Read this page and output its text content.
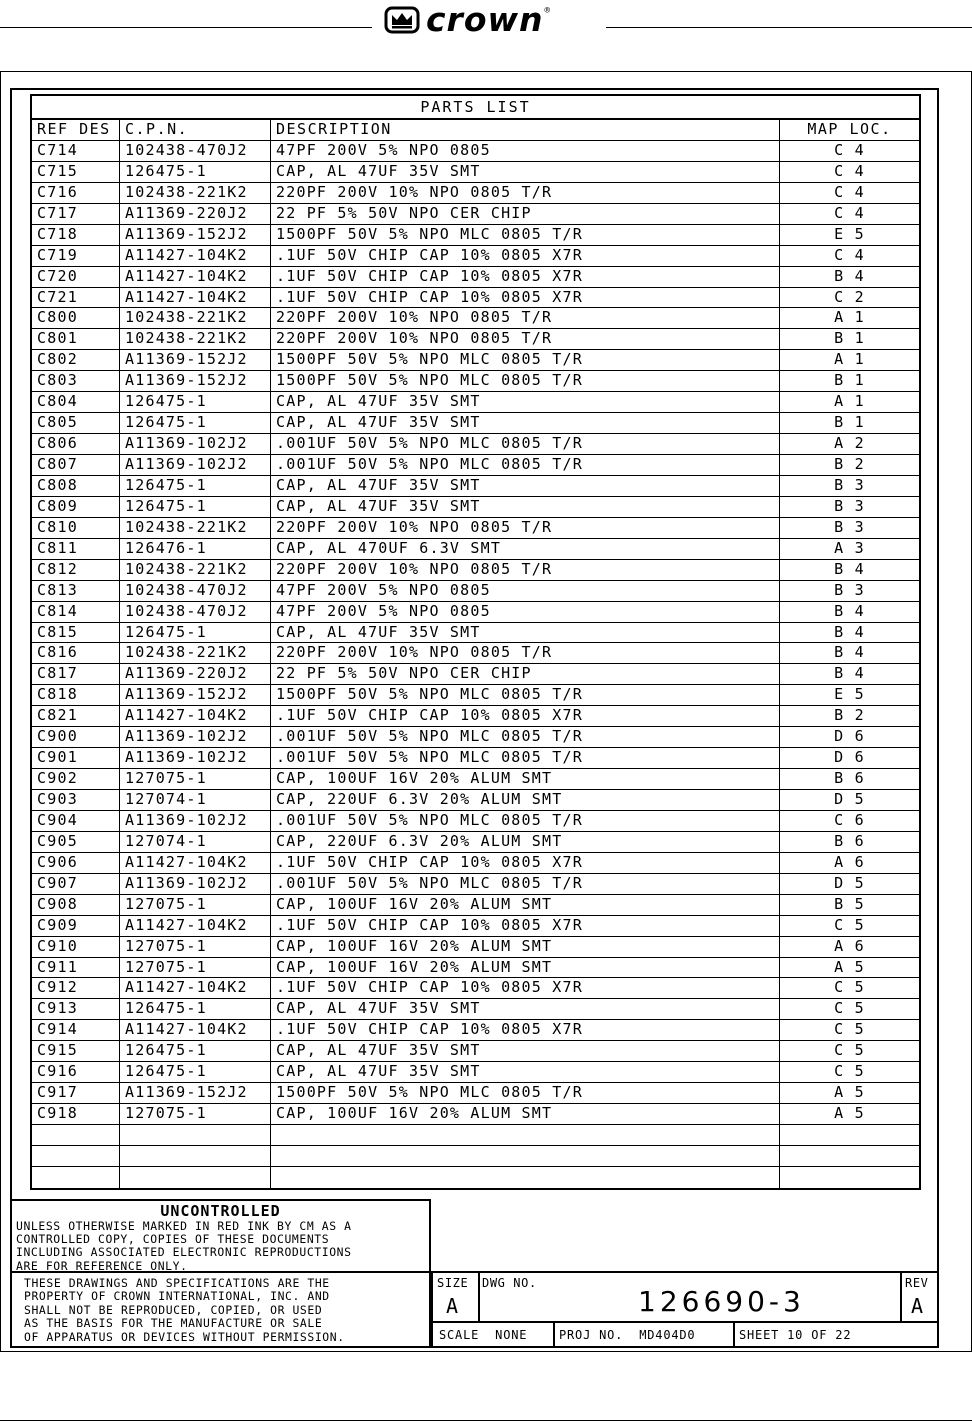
crown ®
PARTS LIST
REF DES C.P.N.	DESCRIPTION	MAP LOC.
C714	102438-470J2	47PF 200V 5% NPO 0805	C 4
C715	126475-1	CAP, AL 47UF 35V SMT	C 4
C716	102438-221K2	220PF 200V 10% NPO 0805 T/R	C 4
C717	A11369-220J2	22 PF 5% 50V NPO CER CHIP	C 4
C718	A11369-152J2	1500PF 50V 5% NPO MLC 0805 T/R	E 5
C719	A11427-104K2	.1UF 50V CHIP CAP 10% 0805 X7R	C 4
C720	A11427-104K2	.1UF 50V CHIP CAP 10% 0805 X7R	B 4
C721	A11427-104K2	.1UF 50V CHIP CAP 10% 0805 X7R	C 2
C800	102438-221K2	220PF 200V 10% NPO 0805 T/R	A 1
C801	102438-221K2	220PF 200V 10% NPO 0805 T/R	B 1
C802	A11369-152J2	1500PF 50V 5% NPO MLC 0805 T/R	A 1
C803	A11369-152J2	1500PF 50V 5% NPO MLC 0805 T/R	B 1
C804	126475-1	CAP, AL 47UF 35V SMT	A 1
C805	126475-1	CAP, AL 47UF 35V SMT	B 1
C806	A11369-102J2	.001UF 50V 5% NPO MLC 0805 T/R	A 2
C807	A11369-102J2	.001UF 50V 5% NPO MLC 0805 T/R	B 2
C808	126475-1	CAP, AL 47UF 35V SMT	B 3
C809	126475-1	CAP, AL 47UF 35V SMT	B 3
C810	102438-221K2	220PF 200V 10% NPO 0805 T/R	B 3
C811	126476-1	CAP, AL 470UF 6.3V SMT	A 3
C812	102438-221K2	220PF 200V 10% NPO 0805 T/R	B 4
C813	102438-470J2	47PF 200V 5% NPO 0805	B 3
C814	102438-470J2	47PF 200V 5% NPO 0805	B 4
C815	126475-1	CAP, AL 47UF 35V SMT	B 4
C816	102438-221K2	220PF 200V 10% NPO 0805 T/R	B 4
C817	A11369-220J2	22 PF 5% 50V NPO CER CHIP	B 4
C818	A11369-152J2	1500PF 50V 5% NPO MLC 0805 T/R	E 5
C821	A11427-104K2	.1UF 50V CHIP CAP 10% 0805 X7R	B 2
C900	A11369-102J2	.001UF 50V 5% NPO MLC 0805 T/R	D 6
C901	A11369-102J2	.001UF 50V 5% NPO MLC 0805 T/R	D 6
C902	127075-1	CAP, 100UF 16V 20% ALUM SMT	B 6
C903	127074-1	CAP, 220UF 6.3V 20% ALUM SMT	D 5
C904	A11369-102J2	.001UF 50V 5% NPO MLC 0805 T/R	C 6
C905	127074-1	CAP, 220UF 6.3V 20% ALUM SMT	B 6
C906	A11427-104K2	.1UF 50V CHIP CAP 10% 0805 X7R	A 6
C907	A11369-102J2	.001UF 50V 5% NPO MLC 0805 T/R	D 5
C908	127075-1	CAP, 100UF 16V 20% ALUM SMT	B 5
C909	A11427-104K2	.1UF 50V CHIP CAP 10% 0805 X7R	C 5
C910	127075-1	CAP, 100UF 16V 20% ALUM SMT	A 6
C911	127075-1	CAP, 100UF 16V 20% ALUM SMT	A 5
C912	A11427-104K2	.1UF 50V CHIP CAP 10% 0805 X7R	C 5
C913	126475-1	CAP, AL 47UF 35V SMT	C 5
C914	A11427-104K2	.1UF 50V CHIP CAP 10% 0805 X7R	C 5
C915	126475-1	CAP, AL 47UF 35V SMT	C 5
C916	126475-1	CAP, AL 47UF 35V SMT	C 5
C917	A11369-152J2	1500PF 50V 5% NPO MLC 0805 T/R	A 5
C918	127075-1	CAP, 100UF 16V 20% ALUM SMT	A 5
UNCONTROLLED
UNLESS OTHERWISE MARKED IN RED INK BY CM AS A
CONTROLLED COPY, COPIES OF THESE DOCUMENTS
INCLUDING ASSOCIATED ELECTRONIC REPRODUCTIONS
ARE FOR REFERENCE ONLY.
THESE DRAWINGS AND SPECIFICATIONS ARE THE
PROPERTY OF CROWN INTERNATIONAL, INC. AND
SHALL NOT BE REPRODUCED, COPIED, OR USED
AS THE BASIS FOR THE MANUFACTURE OR SALE
OF APPARATUS OR DEVICES WITHOUT PERMISSION.
SIZE
A
DWG NO.
126690-3
REV
A
SCALE  NONE	PROJ NO.  MD404D0	SHEET 10 OF 22
